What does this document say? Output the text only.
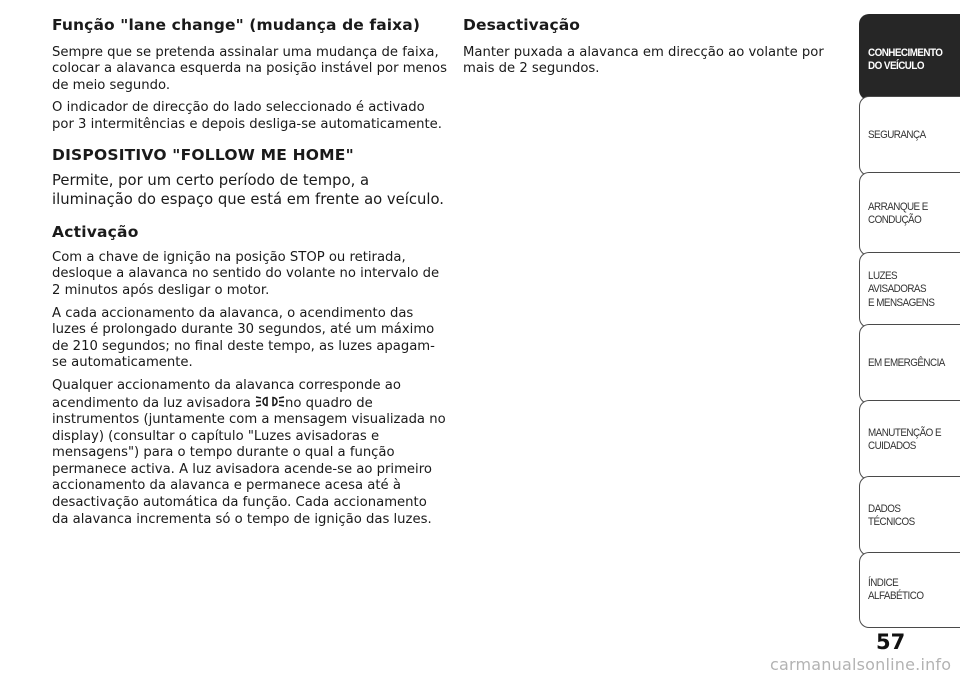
Função "lane change" (mudança de faixa)

Sempre que se pretenda assinalar uma mudança de faixa, colocar a alavanca esquerda na posição instável por menos de meio segundo.

O indicador de direcção do lado seleccionado é activado por 3 intermitências e depois desliga-se automaticamente.

DISPOSITIVO "FOLLOW ME HOME"

Permite, por um certo período de tempo, a iluminação do espaço que está em frente ao veículo.

Activação

Com a chave de ignição na posição STOP ou retirada, desloque a alavanca no sentido do volante no intervalo de 2 minutos após desligar o motor.

A cada accionamento da alavanca, o acendimento das luzes é prolongado durante 30 segundos, até um máximo de 210 segundos; no final deste tempo, as luzes apagam-se automaticamente.

Qualquer accionamento da alavanca corresponde ao acendimento da luz avisadora
no quadro de instrumentos (juntamente com a mensagem visualizada no display) (consultar o capítulo "Luzes avisadoras e mensagens") para o tempo durante o qual a função permanece activa. A luz avisadora acende-se ao primeiro accionamento da alavanca e permanece acesa até à desactivação automática da função. Cada accionamento da alavanca incrementa só o tempo de ignição das luzes.

Desactivação

Manter puxada a alavanca em direcção ao volante por mais de 2 segundos.

CONHECIMENTO
DO VEÍCULO
SEGURANÇA
ARRANQUE E
CONDUÇÃO
LUZES AVISADORAS
E MENSAGENS
EM EMERGÊNCIA
MANUTENÇÃO E
CUIDADOS
DADOS TÉCNICOS
ÍNDICE ALFABÉTICO
57
carmanualsonline.info
